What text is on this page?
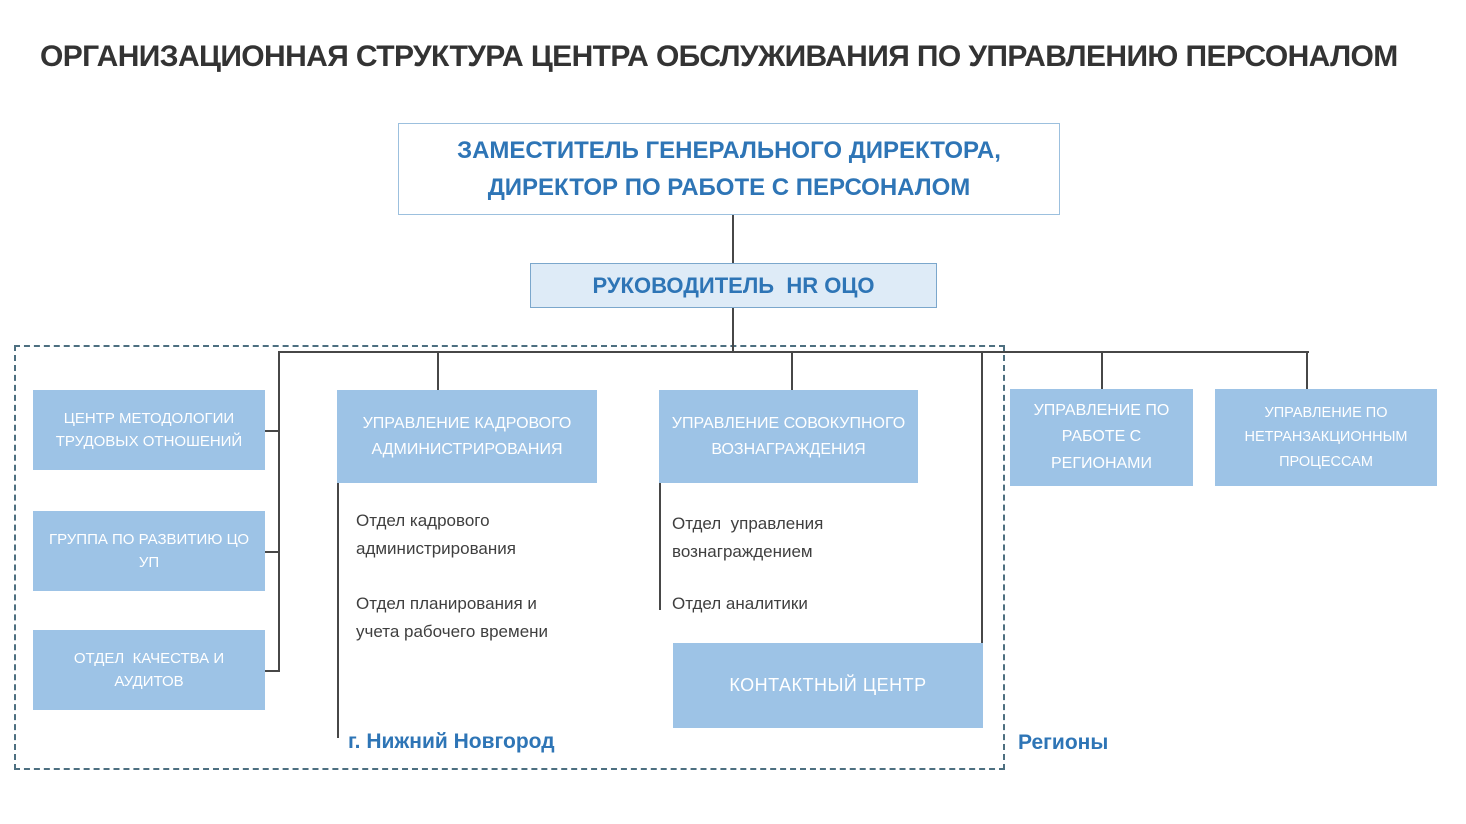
ОРГАНИЗАЦИОННАЯ СТРУКТУРА ЦЕНТРА ОБСЛУЖИВАНИЯ ПО УПРАВЛЕНИЮ ПЕРСОНАЛОМ
ЗАМЕСТИТЕЛЬ ГЕНЕРАЛЬНОГО ДИРЕКТОРА, ДИРЕКТОР ПО РАБОТЕ С ПЕРСОНАЛОМ
РУКОВОДИТЕЛЬ  HR ОЦО
ЦЕНТР МЕТОДОЛОГИИ ТРУДОВЫХ ОТНОШЕНИЙ
ГРУППА ПО РАЗВИТИЮ ЦО УП
ОТДЕЛ  КАЧЕСТВА И АУДИТОВ
УПРАВЛЕНИЕ КАДРОВОГО АДМИНИСТРИРОВАНИЯ
Отдел кадрового администрирования
Отдел планирования и учета рабочего времени
УПРАВЛЕНИЕ СОВОКУПНОГО ВОЗНАГРАЖДЕНИЯ
Отдел  управления вознаграждением
Отдел аналитики
КОНТАКТНЫЙ ЦЕНТР
УПРАВЛЕНИЕ ПО РАБОТЕ С РЕГИОНАМИ
УПРАВЛЕНИЕ ПО НЕТРАНЗАКЦИОННЫМ ПРОЦЕССАМ
г. Нижний Новгород	Регионы
